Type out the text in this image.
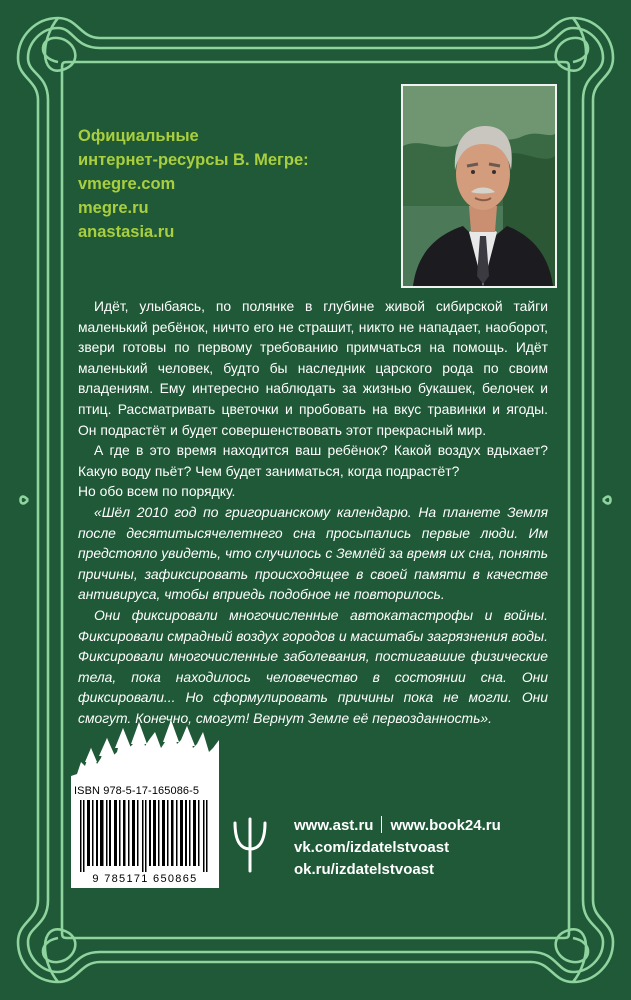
Официальные
интернет-ресурсы В. Мегре:
vmegre.com
megre.ru
anastasia.ru

Идёт, улыбаясь, по полянке в глубине живой сибирской тайги маленький ребёнок, ничто его не страшит, никто не нападает, наоборот, звери готовы по первому требованию примчаться на помощь. Идёт маленький человек, будто бы наследник царского рода по своим владениям. Ему интересно наблюдать за жизнью букашек, белочек и птиц. Рассматривать цветочки и пробовать на вкус травинки и ягоды. Он подрастёт и будет совершенствовать этот прекрасный мир.

А где в это время находится ваш ребёнок? Какой воздух вдыхает? Какую воду пьёт? Чем будет заниматься, когда подрастёт?

Но обо всем по порядку.

«Шёл 2010 год по григорианскому календарю. На планете Земля после десятитысячелетнего сна просыпались первые люди. Им предстояло увидеть, что случилось с Землёй за время их сна, понять причины, зафиксировать происходящее в своей памяти в качестве антивируса, чтобы вприедь подобное не повторилось.

Они фиксировали многочисленные автокатастрофы и войны. Фиксировали смрадный воздух городов и масштабы загрязнения воды. Фиксировали многочисленные заболевания, постигавшие физические тела, пока находилось человечество в состоянии сна. Они фиксировали... Но сформулировать причины пока не могли. Они смогут. Конечно, смогут! Вернут Земле её первозданность».

ISBN 978-5-17-165086-5
9 785171 650865
www.ast.ru www.book24.ru
vk.com/izdatelstvoast
ok.ru/izdatelstvoast
